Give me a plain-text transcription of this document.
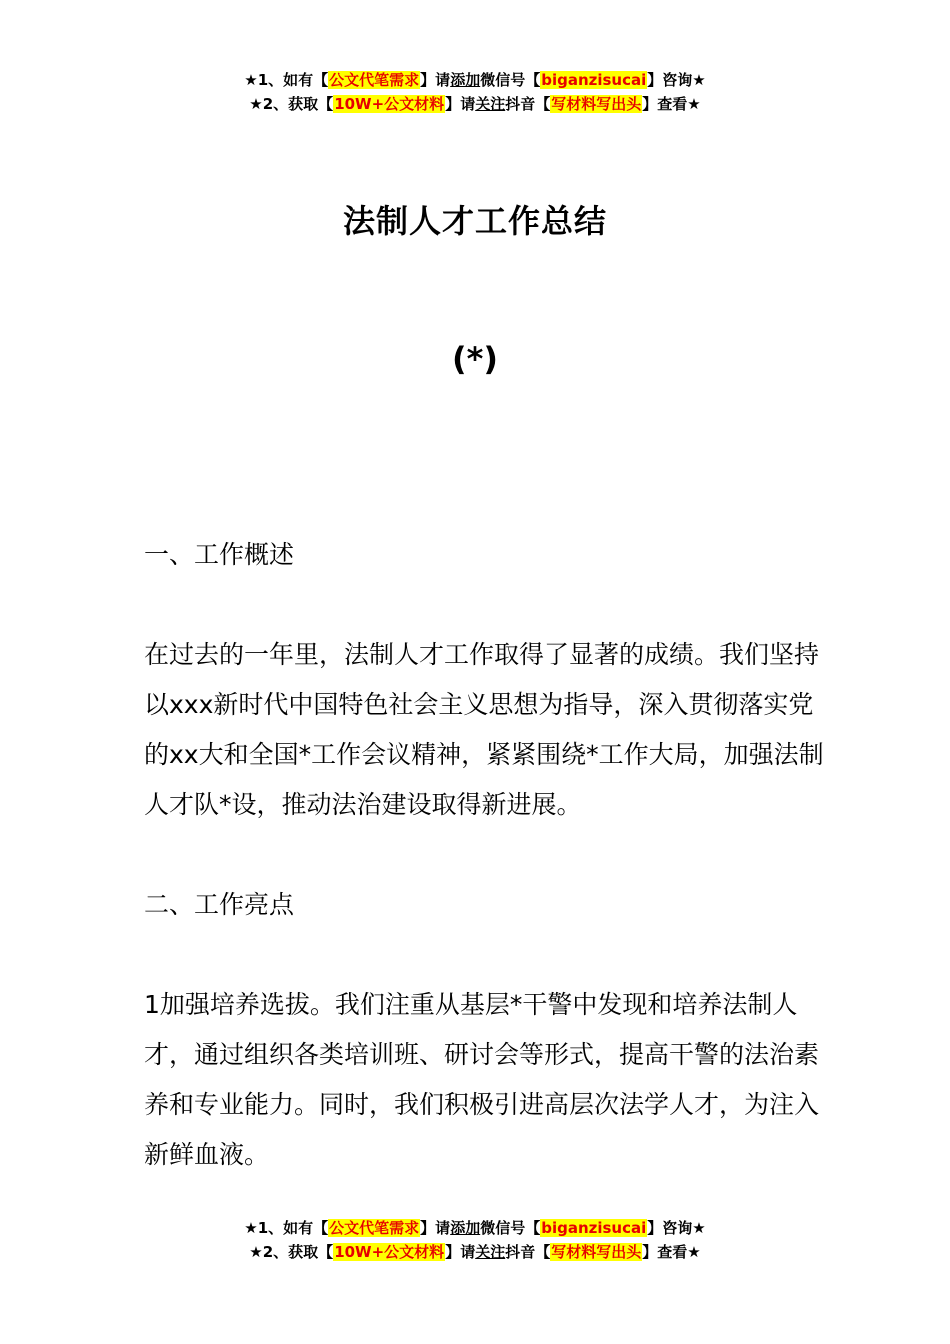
★1、如有【公文代笔需求】请添加微信号【biganzisucai】咨询★
★2、获取【10W+公文材料】请关注抖音【写材料写出头】查看★
法制人才工作总结
(*)

一、工作概述

在过去的一年里，法制人才工作取得了显著的成绩。我们坚持以xxx新时代中国特色社会主义思想为指导，深入贯彻落实党的xx大和全国*工作会议精神，紧紧围绕*工作大局，加强法制人才队*设，推动法治建设取得新进展。

二、工作亮点

1加强培养选拔。我们注重从基层*干警中发现和培养法制人才，通过组织各类培训班、研讨会等形式，提高干警的法治素养和专业能力。同时，我们积极引进高层次法学人才，为注入新鲜血液。

★1、如有【公文代笔需求】请添加微信号【biganzisucai】咨询★
★2、获取【10W+公文材料】请关注抖音【写材料写出头】查看★
